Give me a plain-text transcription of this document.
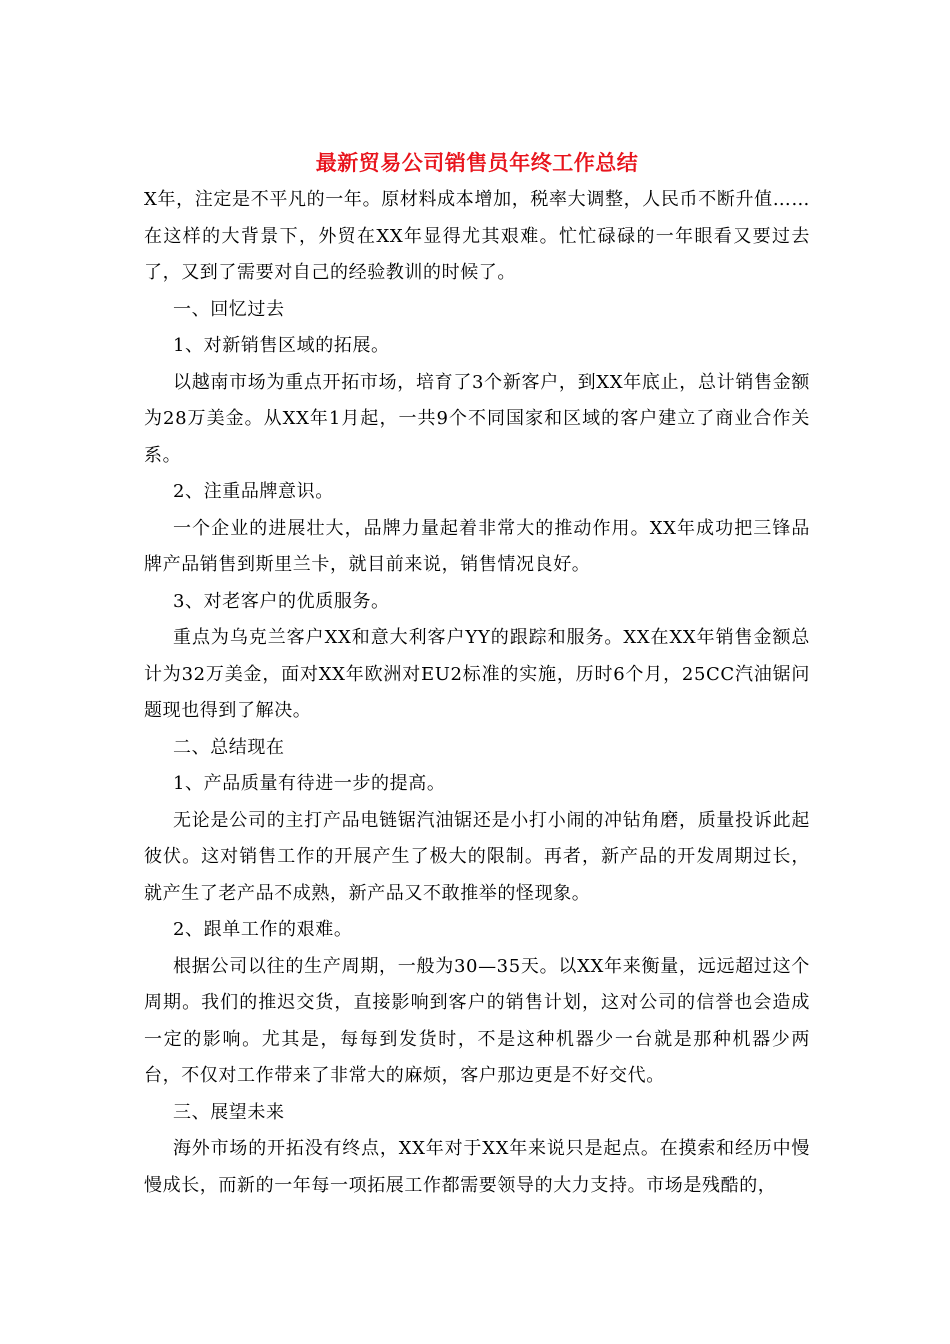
最新贸易公司销售员年终工作总结

X年，注定是不平凡的一年。原材料成本增加，税率大调整，人民币不断升值……在这样的大背景下，外贸在XX年显得尤其艰难。忙忙碌碌的一年眼看又要过去了，又到了需要对自己的经验教训的时候了。

一、回忆过去

1、对新销售区域的拓展。

以越南市场为重点开拓市场，培育了3个新客户，到XX年底止，总计销售金额为28万美金。从XX年1月起，一共9个不同国家和区域的客户建立了商业合作关系。

2、注重品牌意识。

一个企业的进展壮大，品牌力量起着非常大的推动作用。XX年成功把三锋品牌产品销售到斯里兰卡，就目前来说，销售情况良好。

3、对老客户的优质服务。

重点为乌克兰客户XX和意大利客户YY的跟踪和服务。XX在XX年销售金额总计为32万美金，面对XX年欧洲对EU2标准的实施，历时6个月，25CC汽油锯问题现也得到了解决。

二、总结现在

1、产品质量有待进一步的提高。

无论是公司的主打产品电链锯汽油锯还是小打小闹的冲钻角磨，质量投诉此起彼伏。这对销售工作的开展产生了极大的限制。再者，新产品的开发周期过长，就产生了老产品不成熟，新产品又不敢推举的怪现象。

2、跟单工作的艰难。

根据公司以往的生产周期，一般为30—35天。以XX年来衡量，远远超过这个周期。我们的推迟交货，直接影响到客户的销售计划，这对公司的信誉也会造成一定的影响。尤其是，每每到发货时，不是这种机器少一台就是那种机器少两台，不仅对工作带来了非常大的麻烦，客户那边更是不好交代。

三、展望未来

海外市场的开拓没有终点，XX年对于XX年来说只是起点。在摸索和经历中慢慢成长，而新的一年每一项拓展工作都需要领导的大力支持。市场是残酷的，
